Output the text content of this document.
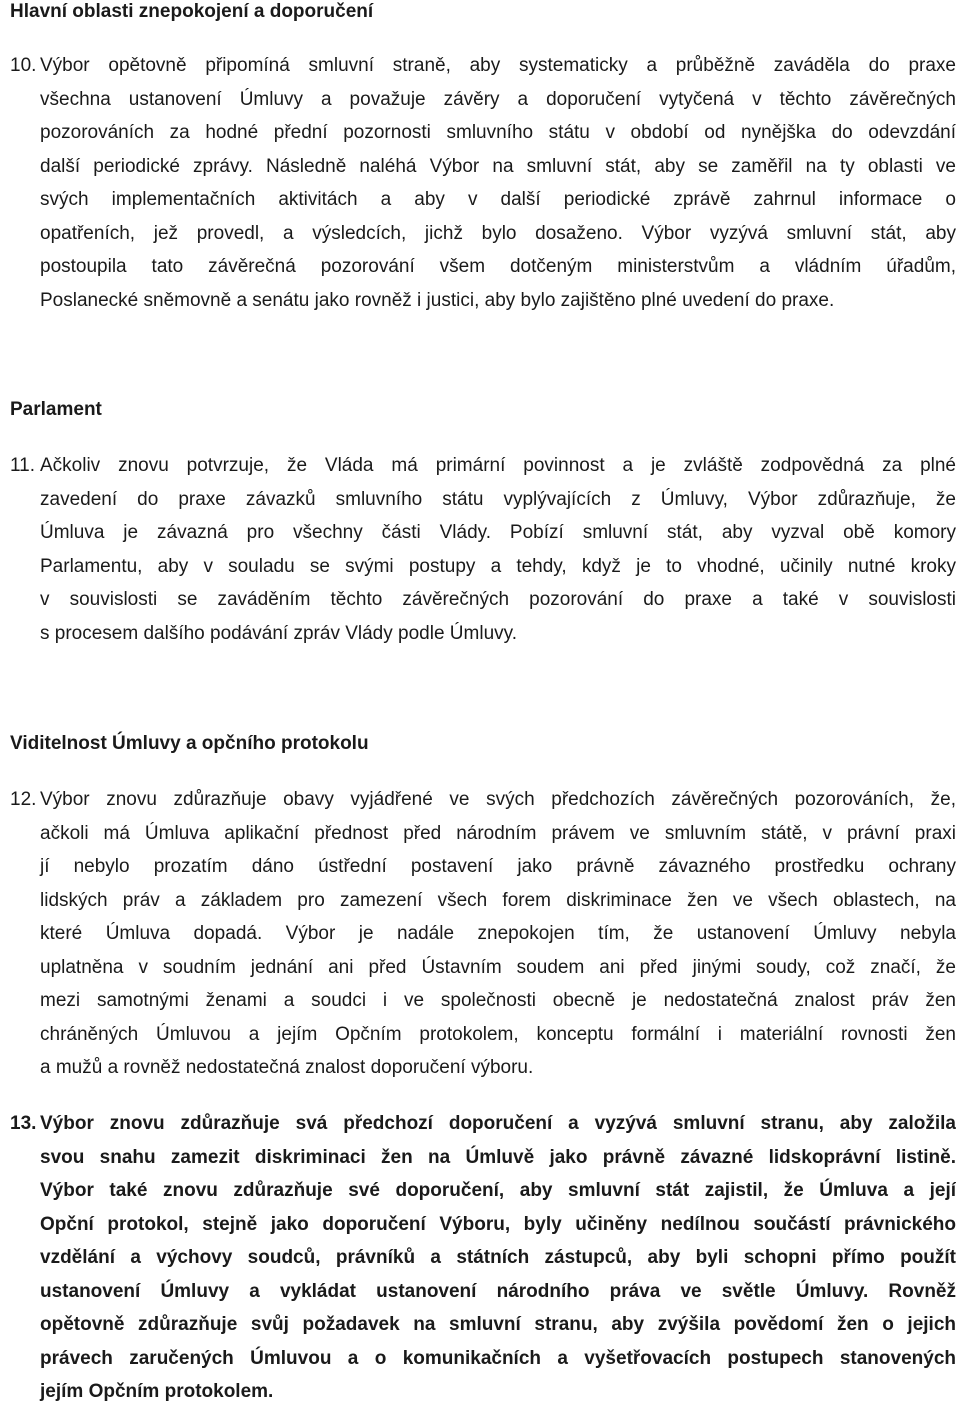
Hlavní oblasti znepokojení a doporučení
10. Výbor opětovně připomíná smluvní straně, aby systematicky a průběžně zaváděla do praxe
všechna ustanovení Úmluvy a považuje závěry a doporučení vytyčená v těchto závěrečných
pozorováních za hodné přední pozornosti smluvního státu v období od nynějška do odevzdání
další periodické zprávy. Následně naléhá Výbor na smluvní stát, aby se zaměřil na ty oblasti ve
svých implementačních aktivitách a aby v další periodické zprávě zahrnul informace o
opatřeních, jež provedl, a výsledcích, jichž bylo dosaženo. Výbor vyzývá smluvní stát, aby
postoupila tato závěrečná pozorování všem dotčeným ministerstvům a vládním úřadům,
Poslanecké sněmovně a senátu jako rovněž i justici, aby bylo zajištěno plné uvedení do praxe.
Parlament
11. Ačkoliv znovu potvrzuje, že Vláda má primární povinnost a je zvláště zodpovědná za plné
zavedení do praxe závazků smluvního státu vyplývajících z Úmluvy, Výbor zdůrazňuje, že
Úmluva je závazná pro všechny části Vlády. Pobízí smluvní stát, aby vyzval obě komory
Parlamentu, aby v souladu se svými postupy a tehdy, když je to vhodné, učinily nutné kroky
v souvislosti se zaváděním těchto závěrečných pozorování do praxe a také v souvislosti
s procesem dalšího podávání zpráv Vlády podle Úmluvy.
Viditelnost Úmluvy a opčního protokolu
12. Výbor znovu zdůrazňuje obavy vyjádřené ve svých předchozích závěrečných pozorováních, že,
ačkoli má Úmluva aplikační přednost před národním právem ve smluvním státě, v právní praxi
jí nebylo prozatím dáno ústřední postavení jako právně závazného prostředku ochrany
lidských práv a základem pro zamezení všech forem diskriminace žen ve všech oblastech, na
které Úmluva dopadá. Výbor je nadále znepokojen tím, že ustanovení Úmluvy nebyla
uplatněna v soudním jednání ani před Ústavním soudem ani před jinými soudy, což značí, že
mezi samotnými ženami a soudci i ve společnosti obecně je nedostatečná znalost práv žen
chráněných Úmluvou a jejím Opčním protokolem, konceptu formální i materiální rovnosti žen
a mužů a rovněž nedostatečná znalost doporučení výboru.
13. Výbor znovu zdůrazňuje svá předchozí doporučení a vyzývá smluvní stranu, aby založila
svou snahu zamezit diskriminaci žen na Úmluvě jako právně závazné lidskoprávní listině.
Výbor také znovu zdůrazňuje své doporučení, aby smluvní stát zajistil, že Úmluva a její
Opční protokol, stejně jako doporučení Výboru, byly učiněny nedílnou součástí právnického
vzdělání a výchovy soudců, právníků a státních zástupců, aby byli schopni přímo použít
ustanovení Úmluvy a vykládat ustanovení národního práva ve světle Úmluvy. Rovněž
opětovně zdůrazňuje svůj požadavek na smluvní stranu, aby zvýšila povědomí žen o jejich
právech zaručených Úmluvou a o komunikačních a vyšetřovacích postupech stanovených
jejím Opčním protokolem.
